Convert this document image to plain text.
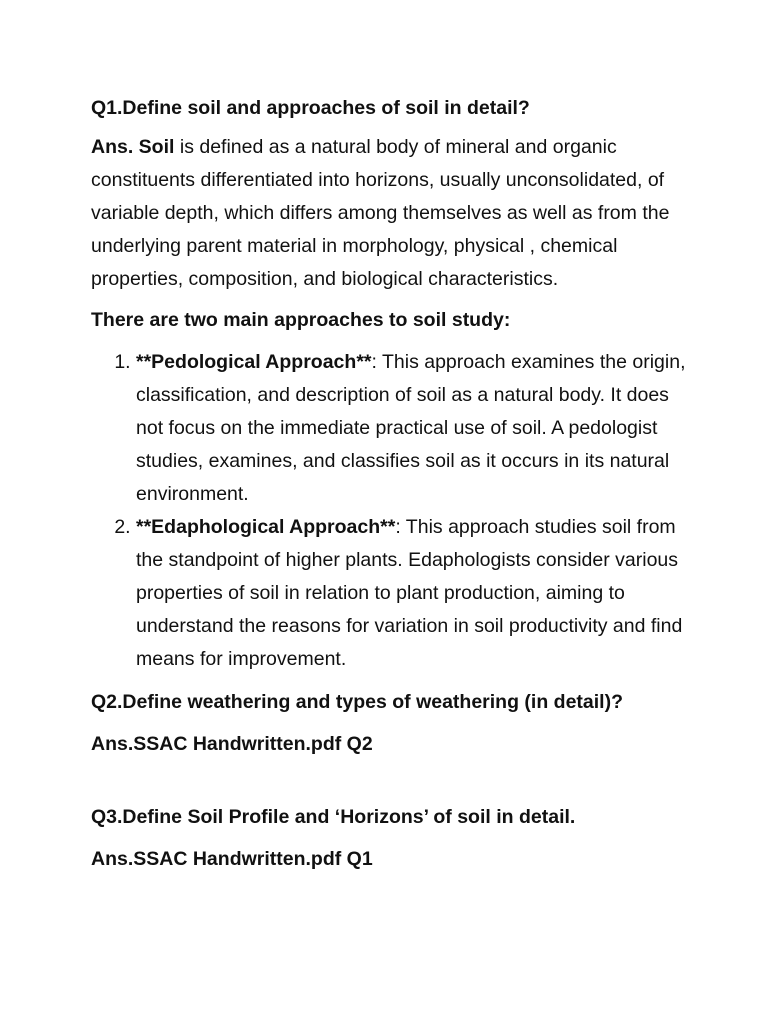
Q1.Define soil and approaches of soil in detail?

Ans. Soil is defined as a natural body of mineral and organic constituents differentiated into horizons, usually unconsolidated, of variable depth, which differs among themselves as well as from the underlying parent material in morphology, physical , chemical properties, composition, and biological characteristics.

There are two main approaches to soil study:

1. **Pedological Approach**: This approach examines the origin, classification, and description of soil as a natural body. It does not focus on the immediate practical use of soil. A pedologist studies, examines, and classifies soil as it occurs in its natural environment.
2. **Edaphological Approach**: This approach studies soil from the standpoint of higher plants. Edaphologists consider various properties of soil in relation to plant production, aiming to understand the reasons for variation in soil productivity and find means for improvement.

Q2.Define weathering and types of weathering (in detail)?

Ans.SSAC Handwritten.pdf Q2

Q3.Define Soil Profile and ‘Horizons’ of soil in detail.

Ans.SSAC Handwritten.pdf Q1
